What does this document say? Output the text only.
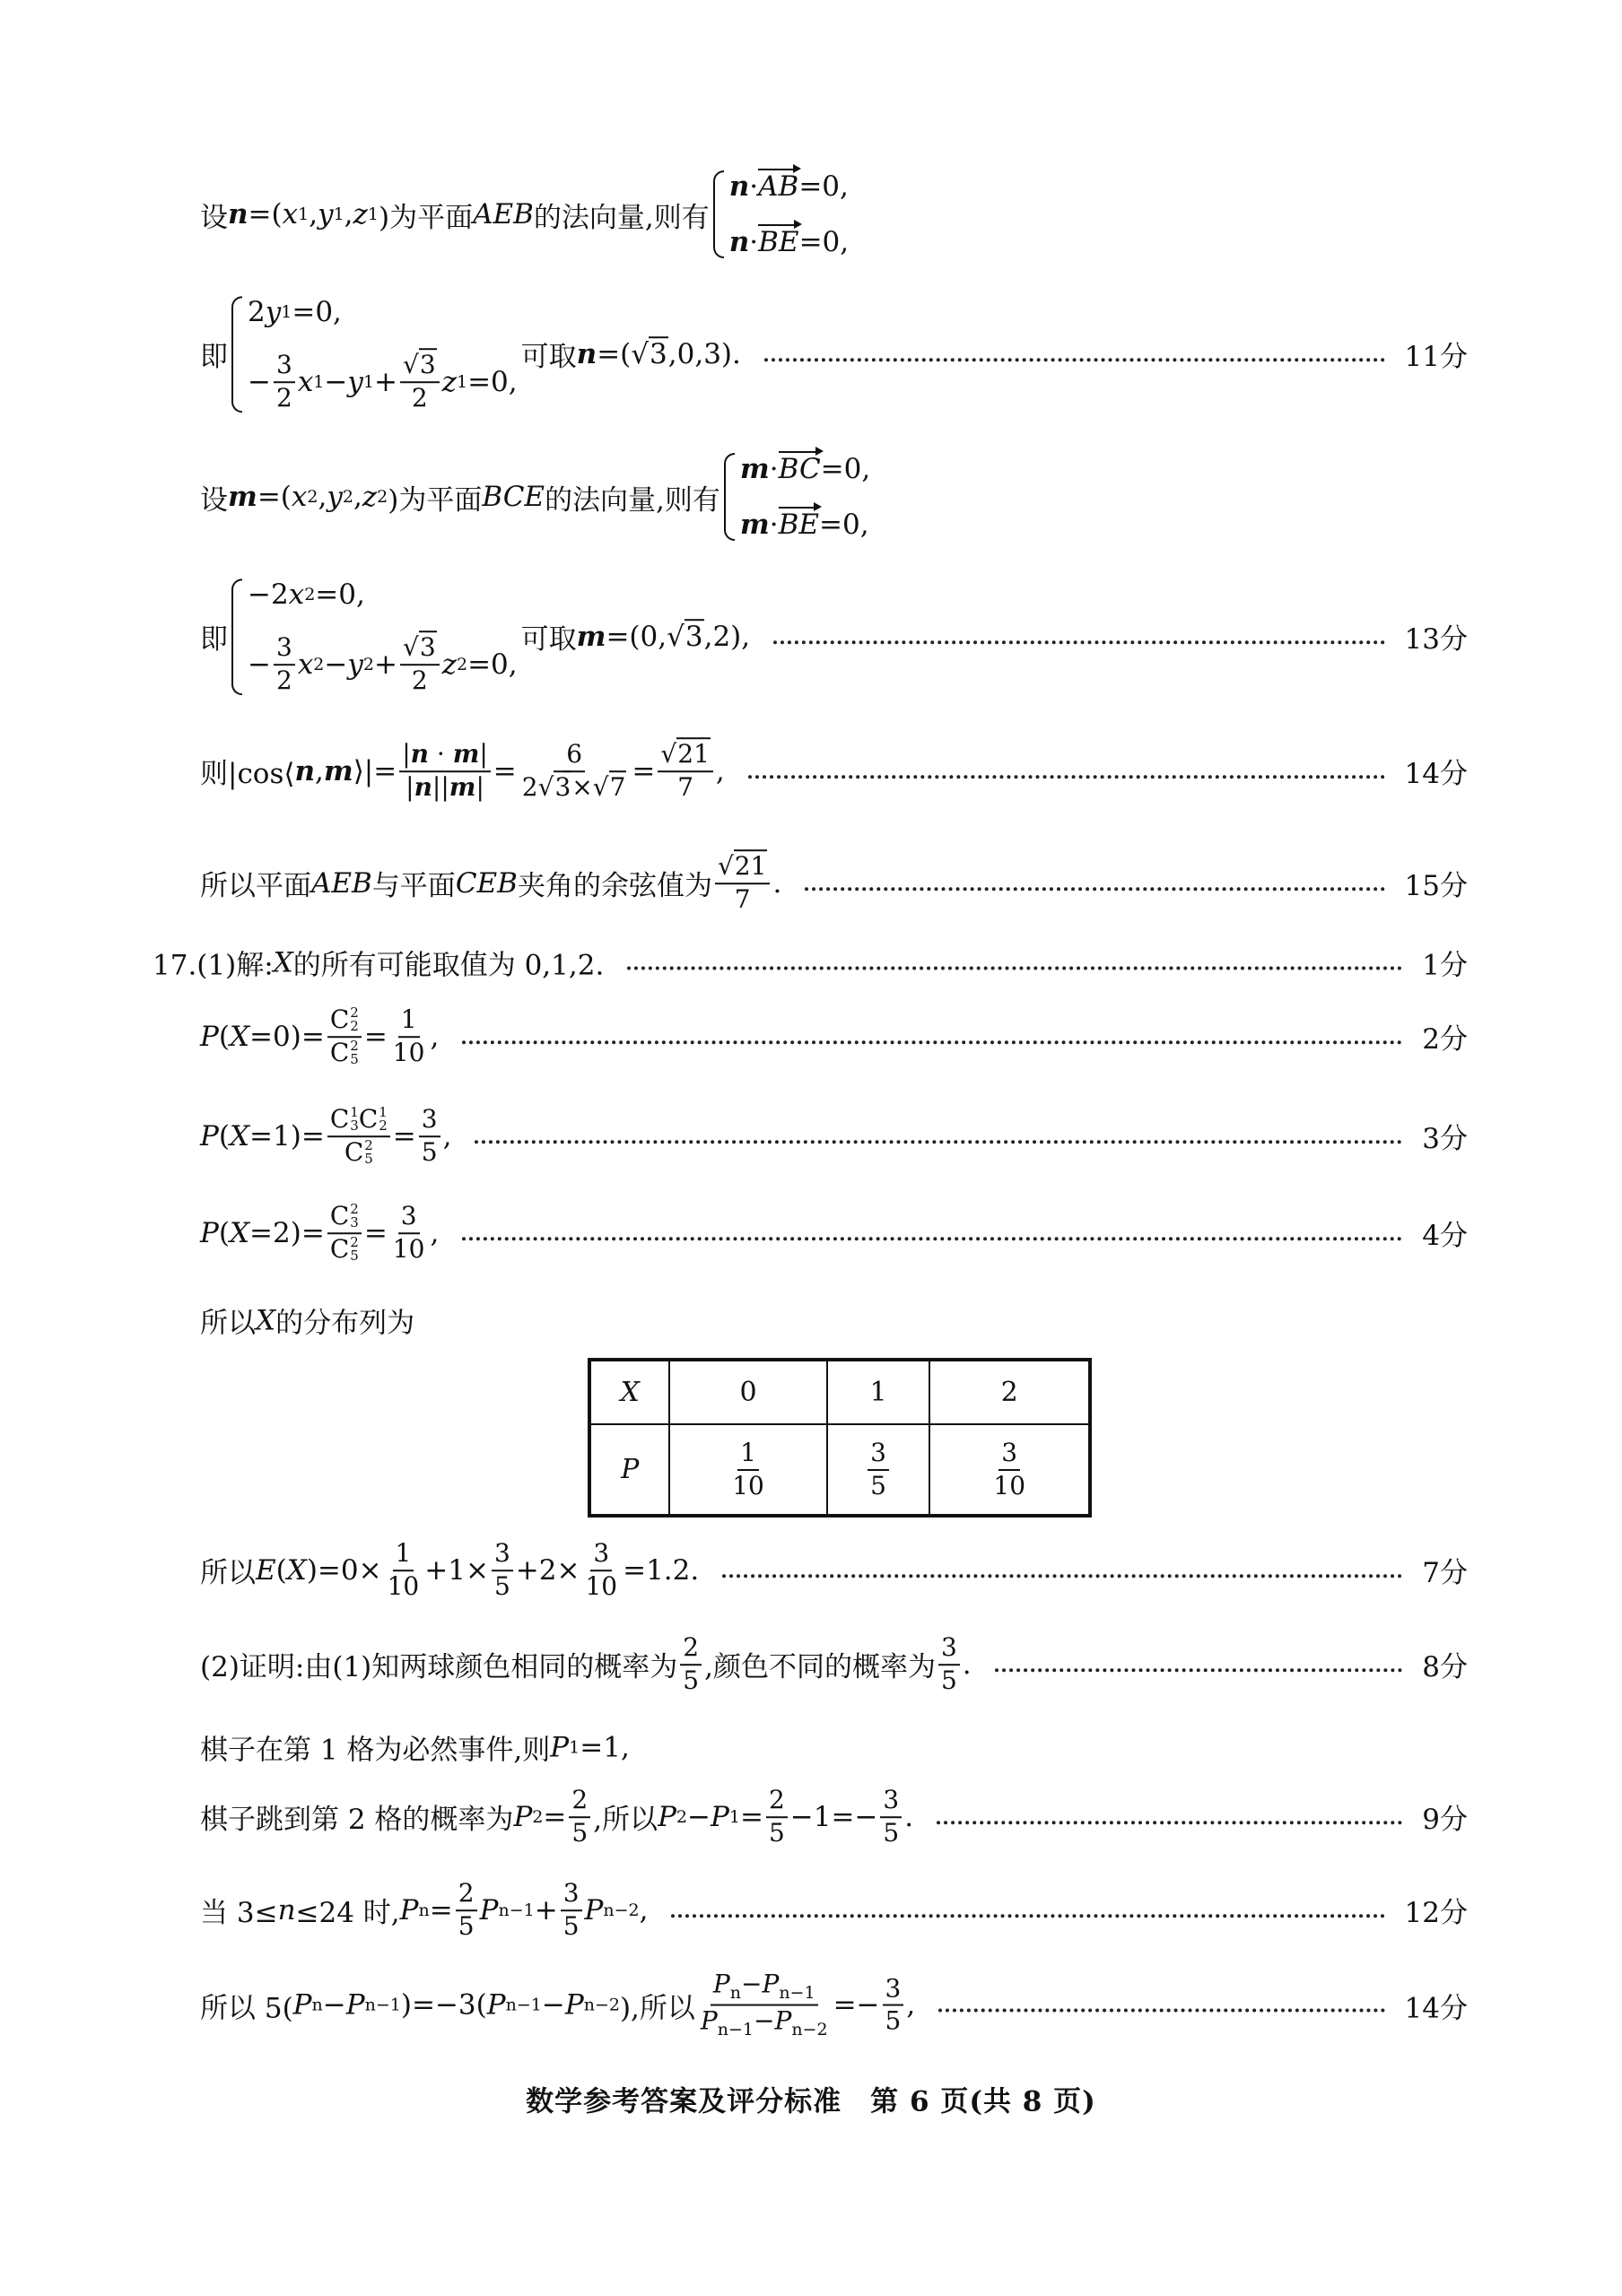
设 n =( x 1 , y 1 , z 1 )为平面 AEB 的法向量,则有
n · AB =0,
n · BE =0,
即
2 y 1 =0,
− $\frac{3}{2}$ x 1 − y $1 + \frac{√3}{2}$ z 1 =0,
可取 n =( √3 ,0,3).	11分
设 m =( x 2 , y 2 , z 2 )为平面 BCE 的法向量,则有
m · BC =0,
m · BE =0,
即
−2 x 2 =0,
− $\frac{3}{2}$ x 2 − y $2 + \frac{√3}{2}$ z 2 =0,
可取 m =(0, √3 ,2),	13分
则|cos⟨ n , m ⟩|= $\frac{|n \cdot m|}{|n||m|} = \frac{6}{2√3\times√7} = \frac{√21}{7}$ ,	14分
所以平面 AEB 与平面 CEB 夹角的余弦值为 $\frac{√21}{7}$ .	15分
17.(1)解: X 的所有可能取值为 0,1,2.	1分
P ( X =0)= C 2
2
C 2
$5 = \frac{1}{10}$ ,	2分
P ( X =1)= C 1
3 C 1
2
C 2
$5 = \frac{3}{5}$ ,	3分
P ( X =2)= C 2
3
C 2
$5 = \frac{3}{10}$ ,	4分
所以 X 的分布列为
所以 E ( X )$=0\times \frac{1}{10} +1\times \frac{3}{5} +2\times \frac{3}{10} =1.2$.	7分
(2)证明:由(1)知两球颜色相同的概率为 $\frac{2}{5}$ ,颜色不同的概率为 $\frac{3}{5}$ .	8分
棋子在第 1 格为必然事件,则 P 1 =1,
棋子跳到第 2 格的概率为 P $2 = \frac{2}{5}$ ,所以 P 2 − P $1 = \frac{2}{5} -1=- \frac{3}{5}$ .	9分
当 3≤ n ≤24 时, P $n = \frac{2}{5}$ P $n-1 + \frac{3}{5}$ P n−2 ,	12分
所以 5( P n − P n−1 )=−3( P n−1 − P n−2 ),所以 $\frac{P_n-P_{n-1}}{P_{n-1}-P_{n-2}} =- \frac{3}{5}$ ,	14分
X	0	1	2
P	$\frac{1}{10}$	$\frac{3}{5}$	$\frac{3}{10}$
数学参考答案及评分标准　第 6 页(共 8 页)
